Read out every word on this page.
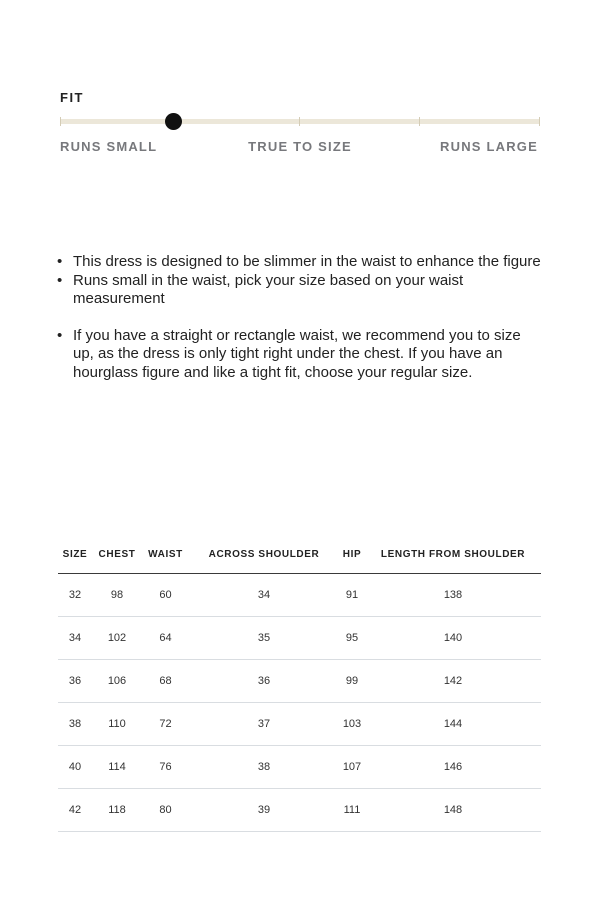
FIT
RUNS SMALL	TRUE TO SIZE	RUNS LARGE
• This dress is designed to be slimmer in the waist to enhance the figure
• Runs small in the waist, pick your size based on your waist measurement
• If you have a straight or rectangle waist, we recommend you to size up, as the dress is only tight right under the chest. If you have an hourglass figure and like a tight fit, choose your regular size.
SIZE	CHEST	WAIST	ACROSS SHOULDER	HIP	LENGTH FROM SHOULDER
32	98	60	34	91	138
34	102	64	35	95	140
36	106	68	36	99	142
38	110	72	37	103	144
40	114	76	38	107	146
42	118	80	39	111	148
